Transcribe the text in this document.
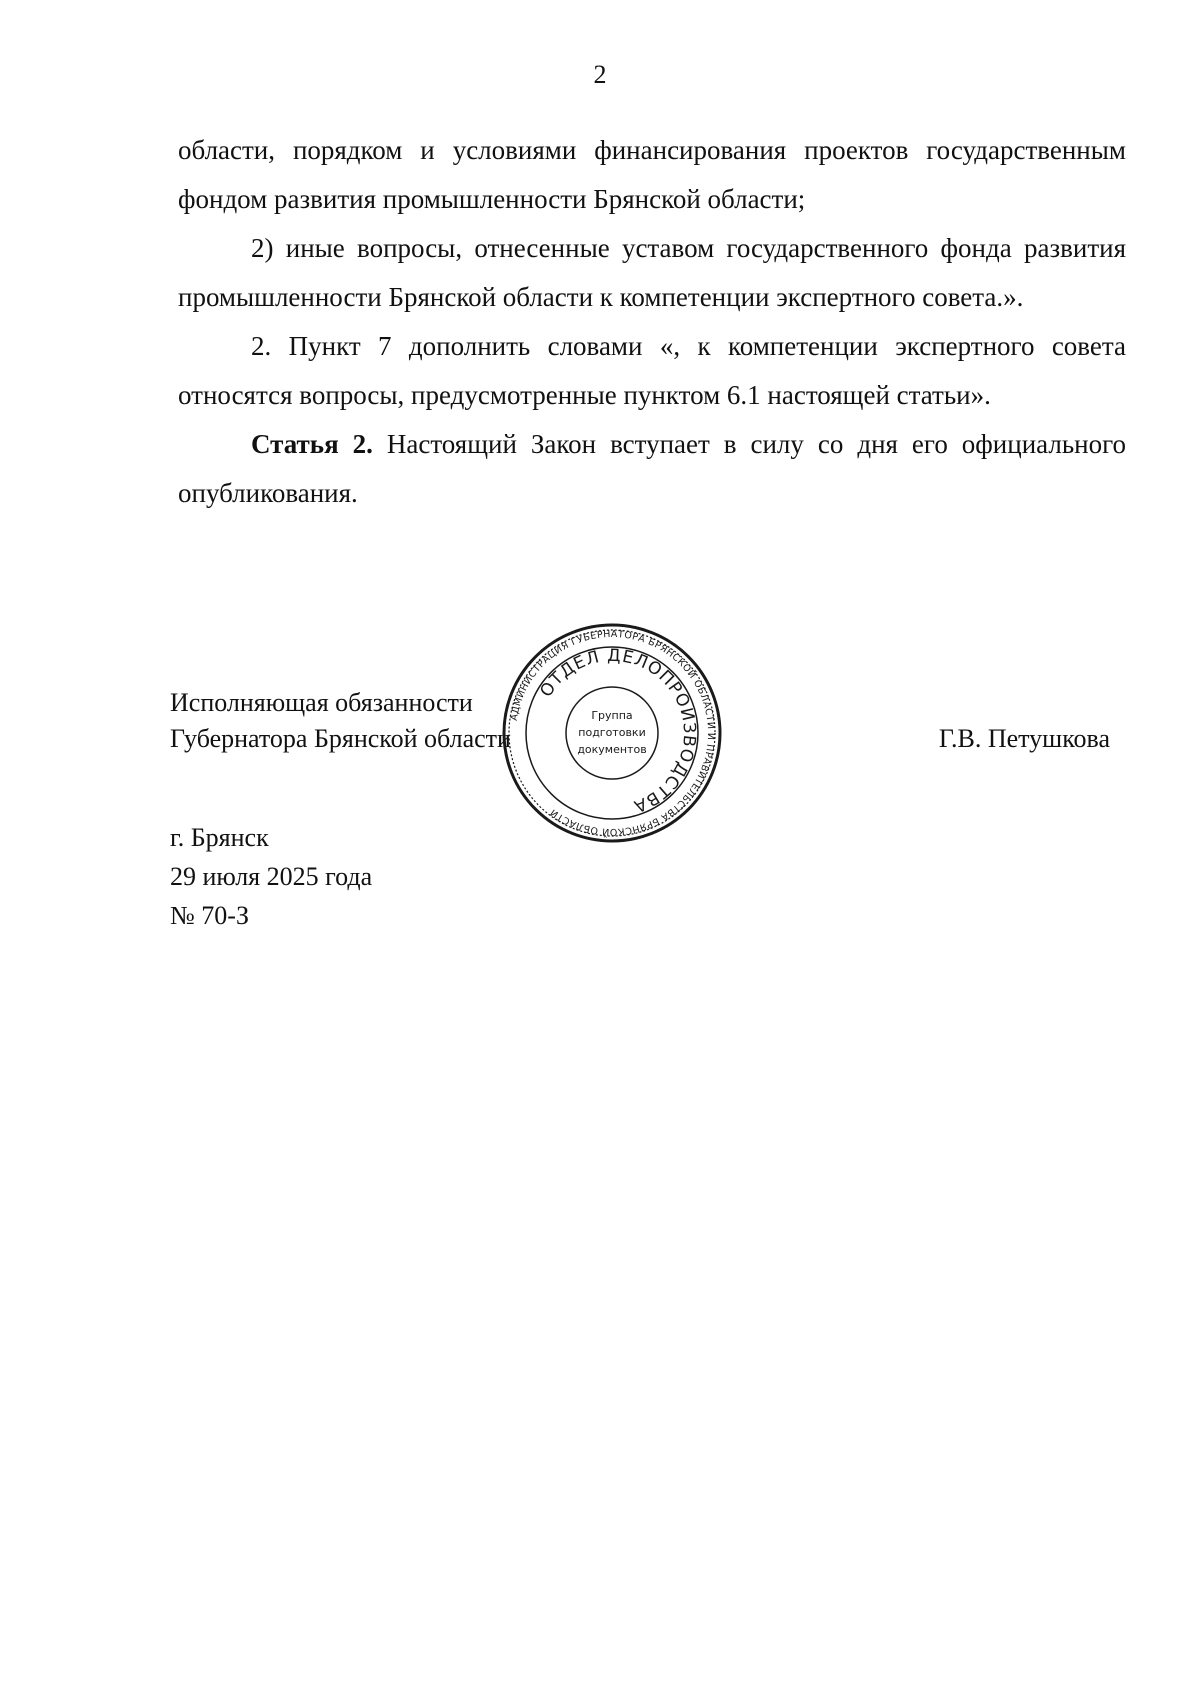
2

области, порядком и условиями финансирования проектов государственным фондом развития промышленности Брянской области;

2) иные вопросы, отнесенные уставом государственного фонда развития промышленности Брянской области к компетенции экспертного совета.».

2. Пункт 7 дополнить словами «, к компетенции экспертного совета относятся вопросы, предусмотренные пунктом 6.1 настоящей статьи».

Статья 2. Настоящий Закон вступает в силу со дня его официального опубликования.

Исполняющая обязанности
Губернатора Брянской области	Г.В. Петушкова
АДМИНИСТРАЦИЯ ГУБЕРНАТОРА БРЯНСКОЙ ОБЛАСТИ И ПРАВИТЕЛЬСТВА БРЯНСКОЙ ОБЛАСТИ
ОТДЕЛ ДЕЛОПРОИЗВОДСТВА
Группа
подготовки
документов
г. Брянск
29 июля 2025 года
№ 70-З
